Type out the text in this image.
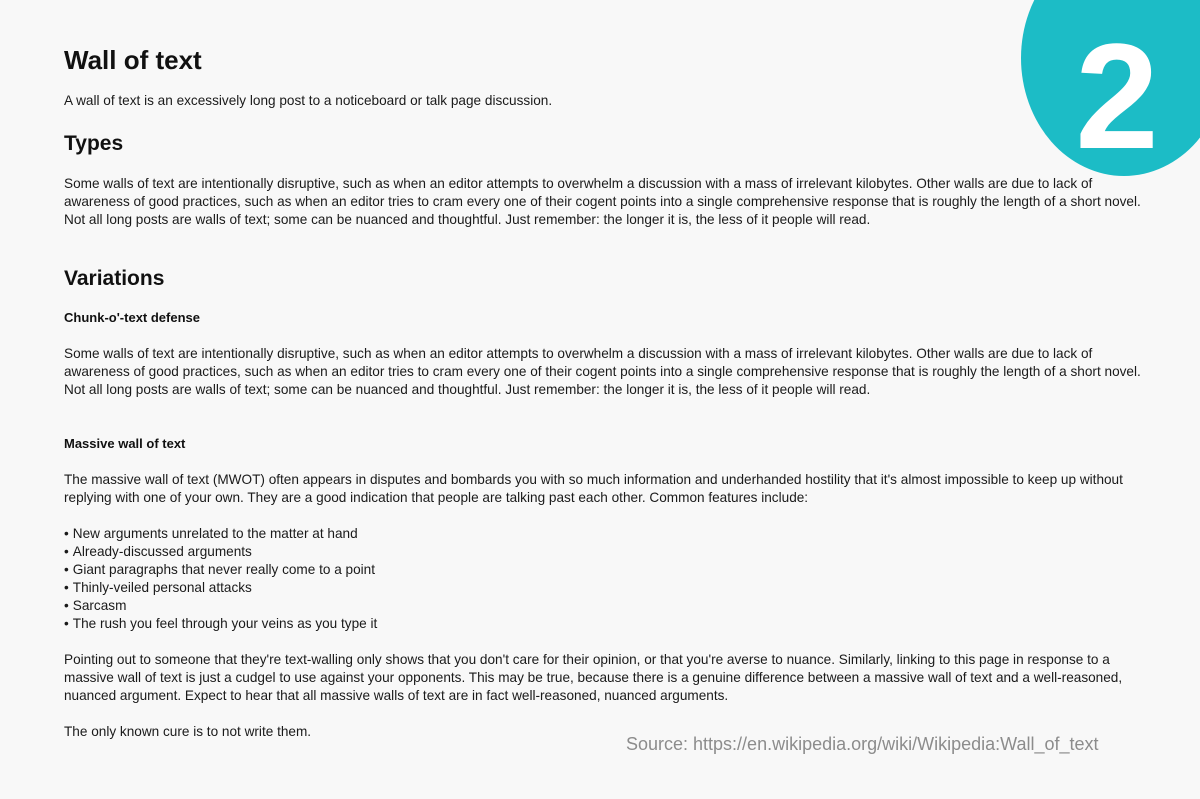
2
Wall of text

A wall of text is an excessively long post to a noticeboard or talk page discussion.

Types

Some walls of text are intentionally disruptive, such as when an editor attempts to overwhelm a discussion with a mass of irrelevant kilobytes. Other walls are due to lack of awareness of good practices, such as when an editor tries to cram every one of their cogent points into a single comprehensive response that is roughly the length of a short novel. Not all long posts are walls of text; some can be nuanced and thoughtful. Just remember: the longer it is, the less of it people will read.

Variations
Chunk-o'-text defense

Some walls of text are intentionally disruptive, such as when an editor attempts to overwhelm a discussion with a mass of irrelevant kilobytes. Other walls are due to lack of awareness of good practices, such as when an editor tries to cram every one of their cogent points into a single comprehensive response that is roughly the length of a short novel. Not all long posts are walls of text; some can be nuanced and thoughtful. Just remember: the longer it is, the less of it people will read.

Massive wall of text

The massive wall of text (MWOT) often appears in disputes and bombards you with so much information and underhanded hostility that it's almost impossible to keep up without replying with one of your own. They are a good indication that people are talking past each other. Common features include:

• New arguments unrelated to the matter at hand
• Already-discussed arguments
• Giant paragraphs that never really come to a point
• Thinly-veiled personal attacks
• Sarcasm
• The rush you feel through your veins as you type it

Pointing out to someone that they're text-walling only shows that you don't care for their opinion, or that you're averse to nuance. Similarly, linking to this page in response to a massive wall of text is just a cudgel to use against your opponents. This may be true, because there is a genuine difference between a massive wall of text and a well-reasoned, nuanced argument. Expect to hear that all massive walls of text are in fact well-reasoned, nuanced arguments.

The only known cure is to not write them.

Source: https://en.wikipedia.org/wiki/Wikipedia:Wall_of_text
